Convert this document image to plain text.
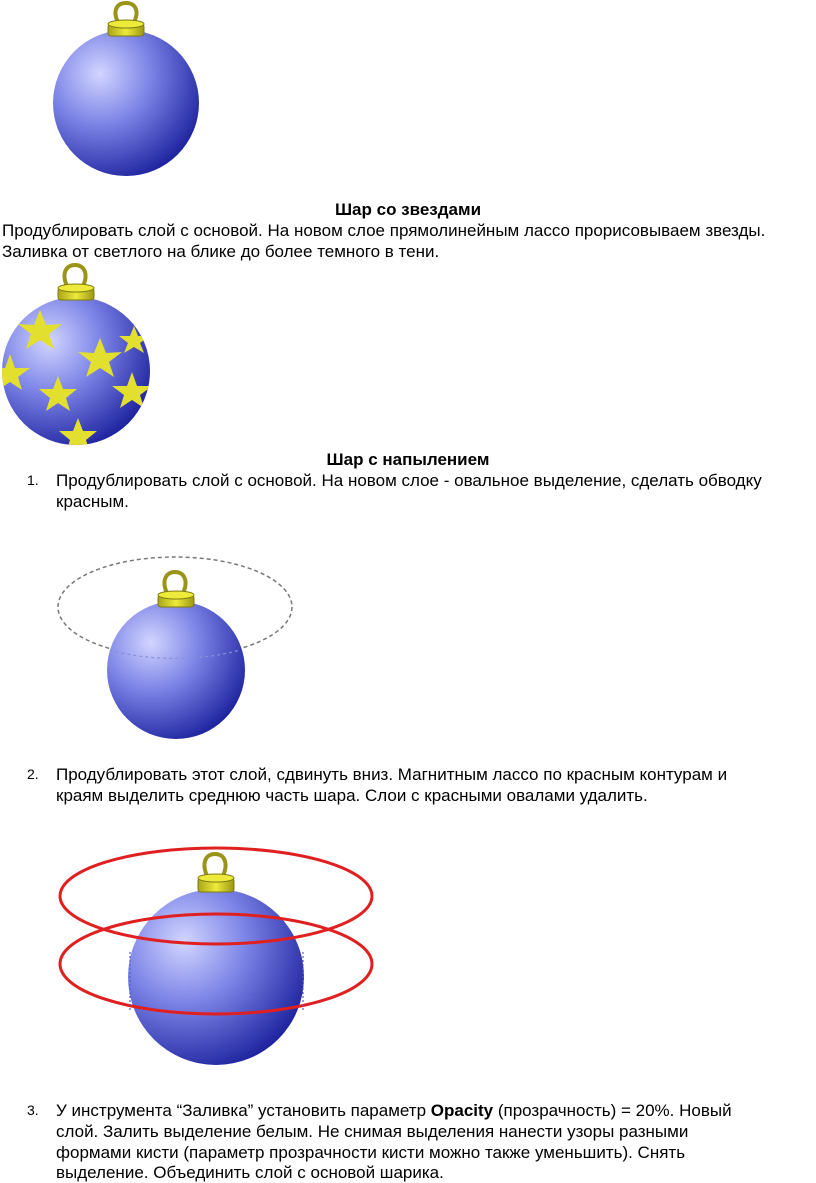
Шар со звездами
Продублировать слой с основой. На новом слое прямолинейным лассо прорисовываем звезды. Заливка от светлого на блике до более темного в тени.
Шар с напылением
1. Продублировать слой с основой. На новом слое - овальное выделение, сделать обводку
красным.
2. Продублировать этот слой, сдвинуть вниз. Магнитным лассо по красным контурам и
краям выделить среднюю часть шара. Слои с красными овалами удалить.
3. У инструмента “Заливка” установить параметр Opacity (прозрачность) = 20%. Новый
слой. Залить выделение белым. Не снимая выделения нанести узоры разными
формами кисти (параметр прозрачности кисти можно также уменьшить). Снять
выделение. Объединить слой с основой шарика.
